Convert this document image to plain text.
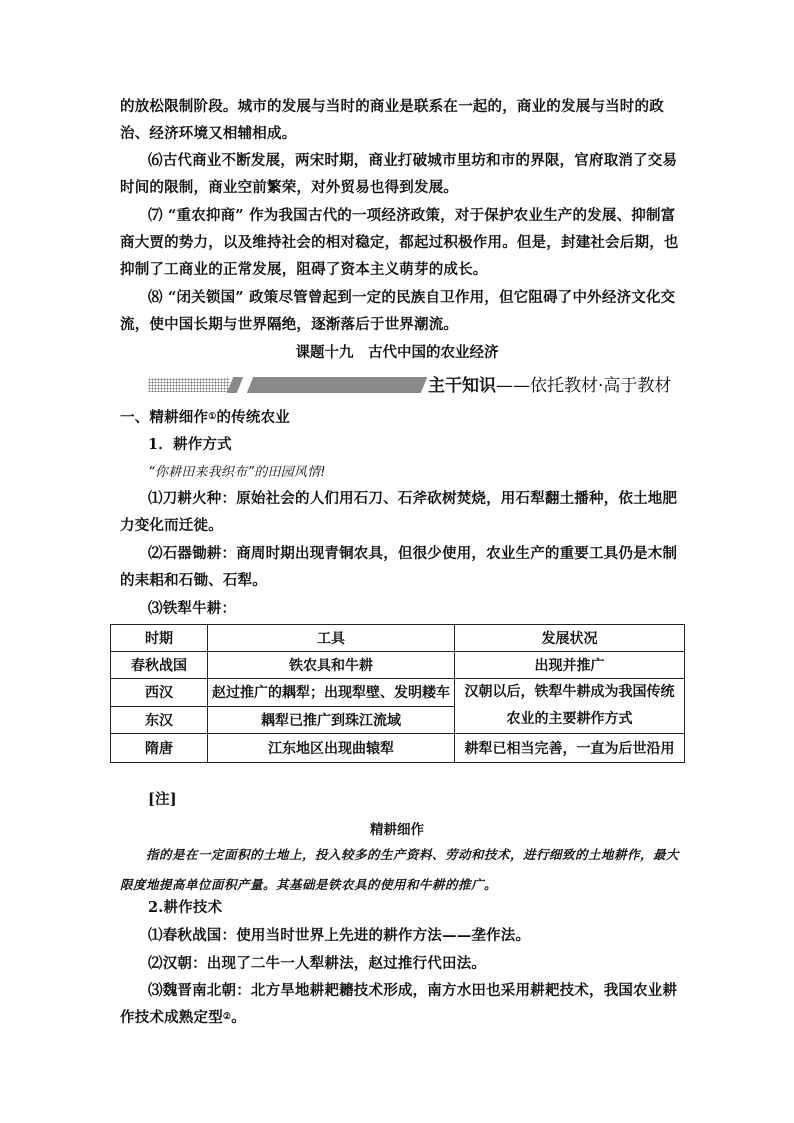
的放松限制阶段。城市的发展与当时的商业是联系在一起的，商业的发展与当时的政治、经济环境又相辅相成。
⑹古代商业不断发展，两宋时期，商业打破城市里坊和市的界限，官府取消了交易时间的限制，商业空前繁荣，对外贸易也得到发展。
⑺ “重农抑商” 作为我国古代的一项经济政策，对于保护农业生产的发展、抑制富商大贾的势力，以及维持社会的相对稳定，都起过积极作用。但是，封建社会后期，也抑制了工商业的正常发展，阻碍了资本主义萌芽的成长。
⑻ “闭关锁国” 政策尽管曾起到一定的民族自卫作用，但它阻碍了中外经济文化交流，使中国长期与世界隔绝，逐渐落后于世界潮流。
课题十九　古代中国的农业经济
主干知识——依托教材·高于教材
一、精耕细作①的传统农业
1．耕作方式
“你耕田来我织布”的田园风情!
⑴刀耕火种：原始社会的人们用石刀、石斧砍树焚烧，用石犁翻土播种，依土地肥力变化而迁徙。
⑵石器锄耕：商周时期出现青铜农具，但很少使用，农业生产的重要工具仍是木制的耒耜和石锄、石犁。
⑶铁犁牛耕：
时期	工具	发展状况
春秋战国	铁农具和牛耕	出现并推广
西汉	赵过推广的耦犁；出现犁壁、发明耧车	汉朝以后，铁犁牛耕成为我国传统农业的主要耕作方式
东汉	耦犁已推广到珠江流域	
隋唐	江东地区出现曲辕犁	耕犁已相当完善，一直为后世沿用
[注]
精耕细作
指的是在一定面积的土地上，投入较多的生产资料、劳动和技术，进行细致的土地耕作，最大限度地提高单位面积产量。其基础是铁农具的使用和牛耕的推广。
2.耕作技术
⑴春秋战国：使用当时世界上先进的耕作方法——垄作法。
⑵汉朝：出现了二牛一人犁耕法，赵过推行代田法。
⑶魏晋南北朝：北方旱地耕耙耱技术形成，南方水田也采用耕耙技术，我国农业耕作技术成熟定型②。
